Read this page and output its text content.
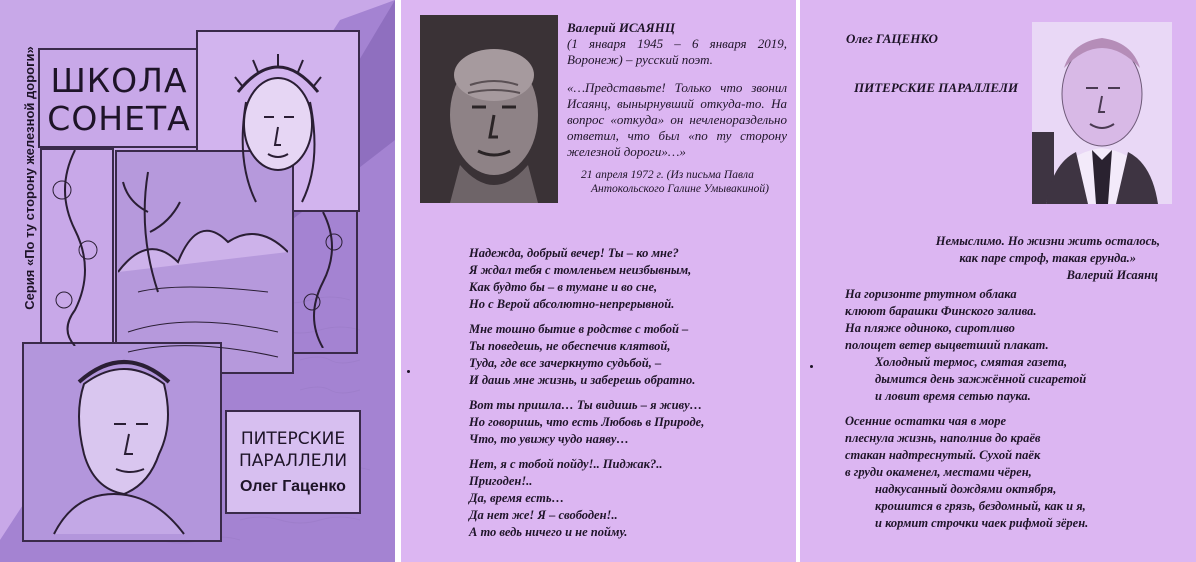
ШКОЛА
СОНЕТА
Серия «По ту сторону железной дороги»
ПИТЕРСКИЕ
ПАРАЛЛЕЛИ
Олег Гаценко

Валерий ИСАЯНЦ

(1 января 1945 – 6 января 2019, Воронеж) – русский поэт.

«…Представьте! Только что звонил Исаянц, вынырнувший откуда-то. На вопрос «откуда» он нечленораздельно ответил, что был «по ту сторону железной дороги»…»

21 апреля 1972 г. (Из письма Павла
Антокольского Галине Умывакиной)
Надежда, добрый вечер! Ты – ко мне?
Я ждал тебя с томленьем неизбывным,
Как будто бы – в тумане и во сне,
Но с Верой абсолютно-непрерывной.
Мне тошно бытие в родстве с тобой –
Ты поведешь, не обеспечив клятвой,
Туда, где все зачеркнуто судьбой, –
И дашь мне жизнь, и заберешь обратно.
Вот ты пришла… Ты видишь – я живу…
Но говоришь, что есть Любовь в Природе,
Что, то увижу чудо наяву…
Нет, я с тобой пойду!.. Пиджак?..
Пригоден!..
Да, время есть…
Да нет же! Я – свободен!..
А то ведь ничего и не пойму.
Олег ГАЦЕНКО
ПИТЕРСКИЕ ПАРАЛЛЕЛИ
Немыслимо. Но жизни жить осталось,
как паре строф, такая ерунда.»
Валерий Исаянц
На горизонте ртутном облака
клюют барашки Финского залива.
На пляже одиноко, сиротливо
полощет ветер выцветший плакат.
Холодный термос, смятая газета,
дымится день зажжённой сигаретой
и ловит время сетью паука.
Осенние остатки чая в море
плеснула жизнь, наполнив до краёв
стакан надтреснутый. Сухой паёк
в груди окаменел, местами чёрен,
надкусанный дождями октября,
крошится в грязь, бездомный, как и я,
и кормит строчки чаек рифмой зёрен.
